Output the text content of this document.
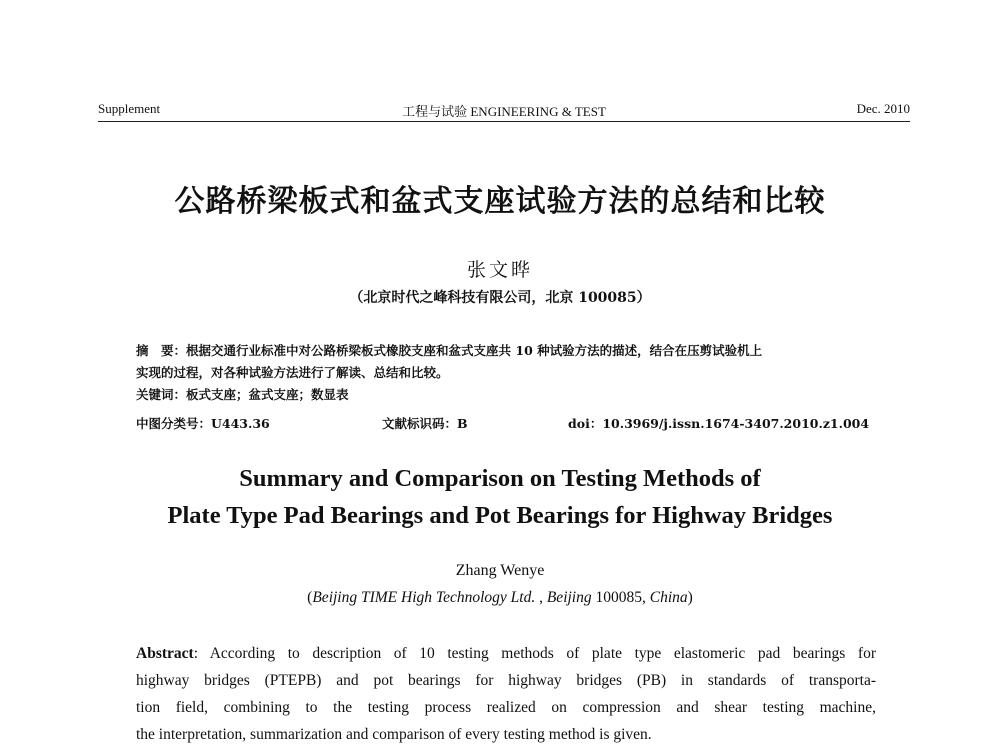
Supplement	工程与试验 ENGINEERING & TEST	Dec. 2010
公路桥梁板式和盆式支座试验方法的总结和比较
张文晔
（北京时代之峰科技有限公司，北京 100085）
摘　要：根据交通行业标准中对公路桥梁板式橡胶支座和盆式支座共 10 种试验方法的描述，结合在压剪试验机上
实现的过程，对各种试验方法进行了解读、总结和比较。
关键词：板式支座；盆式支座；数显表
中图分类号：U443.36	文献标识码：B	doi：10.3969/j.issn.1674-3407.2010.z1.004
Summary and Comparison on Testing Methods of
Plate Type Pad Bearings and Pot Bearings for Highway Bridges
Zhang Wenye
(Beijing TIME High Technology Ltd. , Beijing 100085, China)
Abstract: According to description of 10 testing methods of plate type elastomeric pad bearings for
highway bridges (PTEPB) and pot bearings for highway bridges (PB) in standards of transporta-
tion field, combining to the testing process realized on compression and shear testing machine,
the interpretation, summarization and comparison of every testing method is given.
